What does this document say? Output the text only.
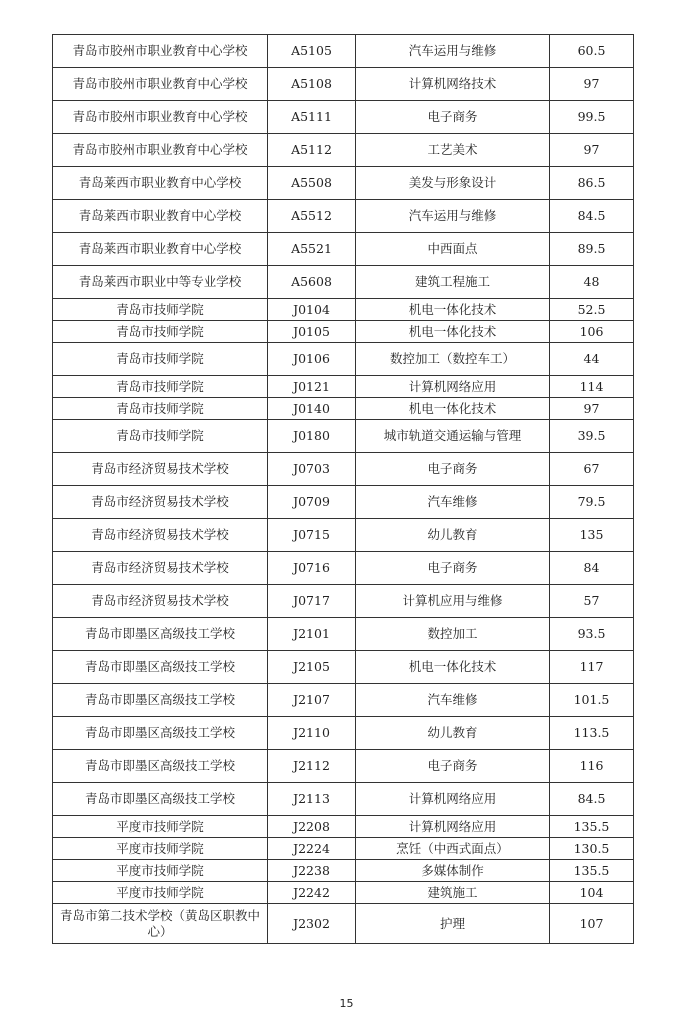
青岛市胶州市职业教育中心学校	A5105	汽车运用与维修	60.5
青岛市胶州市职业教育中心学校	A5108	计算机网络技术	97
青岛市胶州市职业教育中心学校	A5111	电子商务	99.5
青岛市胶州市职业教育中心学校	A5112	工艺美术	97
青岛莱西市职业教育中心学校	A5508	美发与形象设计	86.5
青岛莱西市职业教育中心学校	A5512	汽车运用与维修	84.5
青岛莱西市职业教育中心学校	A5521	中西面点	89.5
青岛莱西市职业中等专业学校	A5608	建筑工程施工	48
青岛市技师学院	J0104	机电一体化技术	52.5
青岛市技师学院	J0105	机电一体化技术	106
青岛市技师学院	J0106	数控加工（数控车工）	44
青岛市技师学院	J0121	计算机网络应用	114
青岛市技师学院	J0140	机电一体化技术	97
青岛市技师学院	J0180	城市轨道交通运输与管理	39.5
青岛市经济贸易技术学校	J0703	电子商务	67
青岛市经济贸易技术学校	J0709	汽车维修	79.5
青岛市经济贸易技术学校	J0715	幼儿教育	135
青岛市经济贸易技术学校	J0716	电子商务	84
青岛市经济贸易技术学校	J0717	计算机应用与维修	57
青岛市即墨区高级技工学校	J2101	数控加工	93.5
青岛市即墨区高级技工学校	J2105	机电一体化技术	117
青岛市即墨区高级技工学校	J2107	汽车维修	101.5
青岛市即墨区高级技工学校	J2110	幼儿教育	113.5
青岛市即墨区高级技工学校	J2112	电子商务	116
青岛市即墨区高级技工学校	J2113	计算机网络应用	84.5
平度市技师学院	J2208	计算机网络应用	135.5
平度市技师学院	J2224	烹饪（中西式面点）	130.5
平度市技师学院	J2238	多媒体制作	135.5
平度市技师学院	J2242	建筑施工	104
青岛市第二技术学校（黄岛区职教中心）	J2302	护理	107
15
